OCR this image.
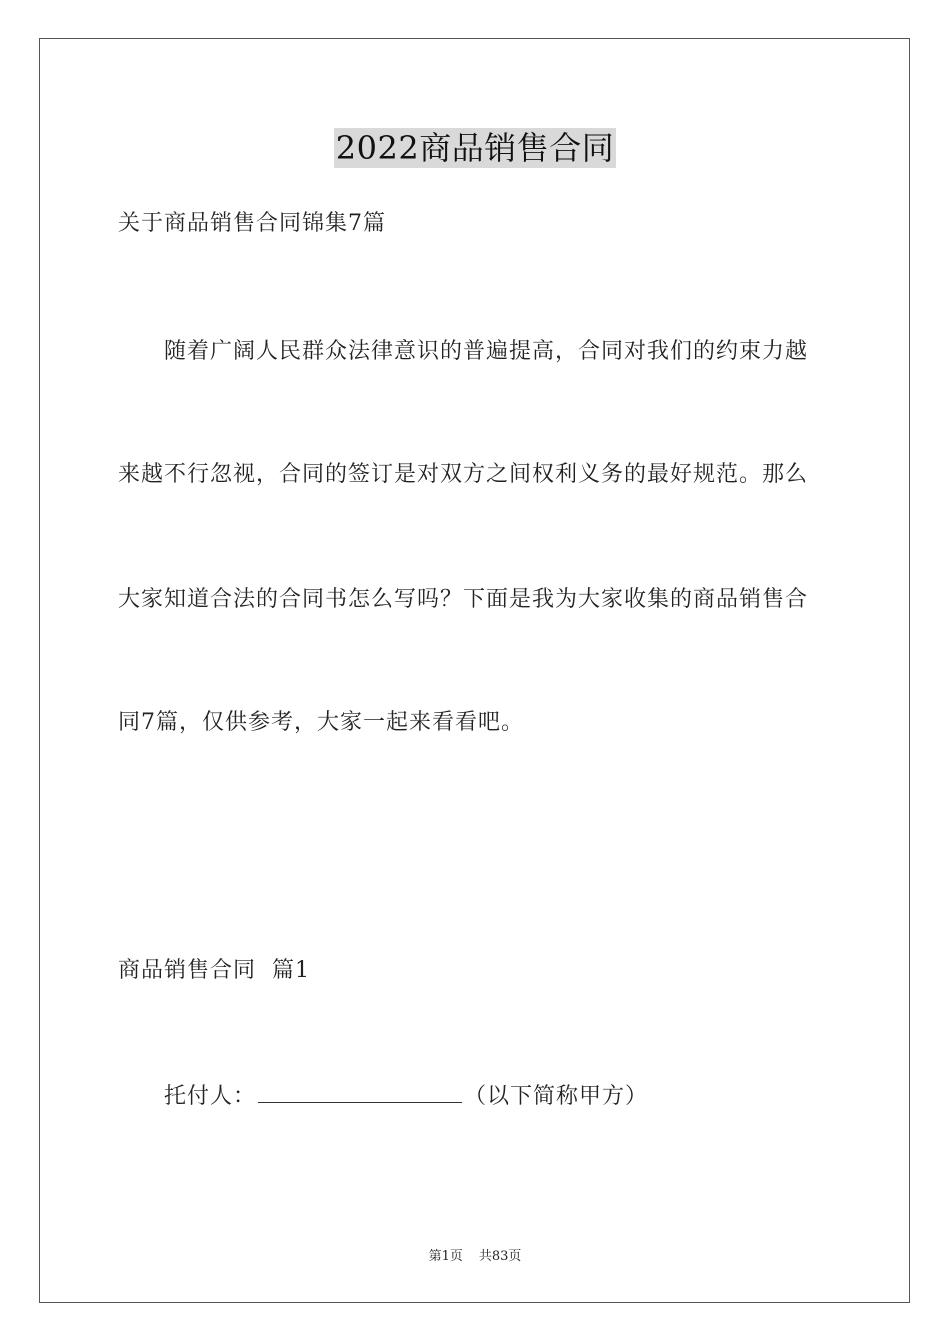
2022商品销售合同
关于商品销售合同锦集7篇
随着广阔人民群众法律意识的普遍提高，合同对我们的约束力越
来越不行忽视，合同的签订是对双方之间权利义务的最好规范。那么
大家知道合法的合同书怎么写吗？下面是我为大家收集的商品销售合
同7篇，仅供参考，大家一起来看看吧。
商品销售合同  篇1
托付人：	（以下简称甲方）
第1页 共83页
